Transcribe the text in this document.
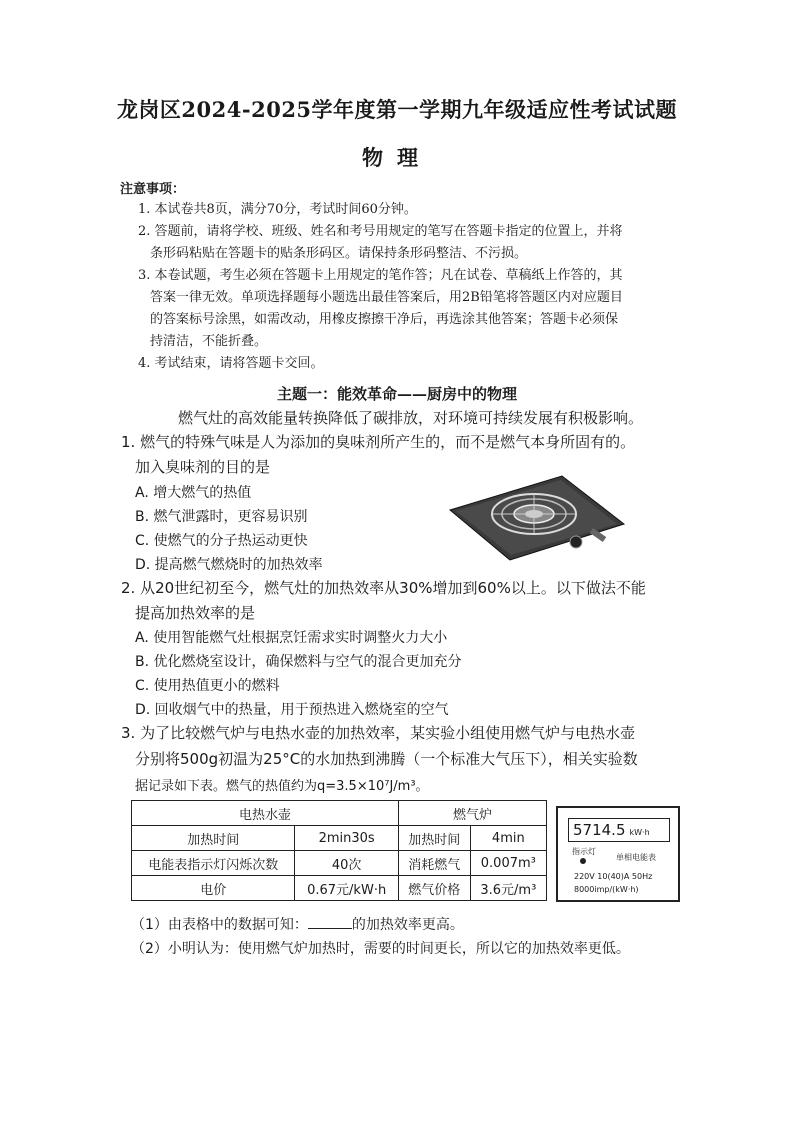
龙岗区2024-2025学年度第一学期九年级适应性考试试题
物理
注意事项：
1. 本试卷共8页，满分70分，考试时间60分钟。
2. 答题前，请将学校、班级、姓名和考号用规定的笔写在答题卡指定的位置上，并将
条形码粘贴在答题卡的贴条形码区。请保持条形码整洁、不污损。
3. 本卷试题，考生必须在答题卡上用规定的笔作答；凡在试卷、草稿纸上作答的，其
答案一律无效。单项选择题每小题选出最佳答案后，用2B铅笔将答题区内对应题目
的答案标号涂黑，如需改动，用橡皮擦擦干净后，再选涂其他答案；答题卡必须保
持清洁，不能折叠。
4. 考试结束，请将答题卡交回。
主题一：能效革命——厨房中的物理
燃气灶的高效能量转换降低了碳排放，对环境可持续发展有积极影响。
1. 燃气的特殊气味是人为添加的臭味剂所产生的，而不是燃气本身所固有的。
加入臭味剂的目的是
A. 增大燃气的热值
B. 燃气泄露时，更容易识别
C. 使燃气的分子热运动更快
D. 提高燃气燃烧时的加热效率
2. 从20世纪初至今，燃气灶的加热效率从30%增加到60%以上。以下做法不能
提高加热效率的是
A. 使用智能燃气灶根据烹饪需求实时调整火力大小
B. 优化燃烧室设计，确保燃料与空气的混合更加充分
C. 使用热值更小的燃料
D. 回收烟气中的热量，用于预热进入燃烧室的空气
3. 为了比较燃气炉与电热水壶的加热效率，某实验小组使用燃气炉与电热水壶
分别将500g初温为25°C的水加热到沸腾（一个标准大气压下），相关实验数
据记录如下表。燃气的热值约为q=3.5×10⁷J/m³。
电热水壶		燃气炉	
加热时间	2min30s	加热时间	4min
电能表指示灯闪烁次数	40次	消耗燃气	0.007m³
电价	0.67元/kW·h	燃气价格	3.6元/m³
5714.5 kW·h
指示灯
单相电能表
220V 10(40)A 50Hz
8000imp/(kW·h)
（1）由表格中的数据可知：	的加热效率更高。
（2）小明认为：使用燃气炉加热时，需要的时间更长，所以它的加热效率更低。
